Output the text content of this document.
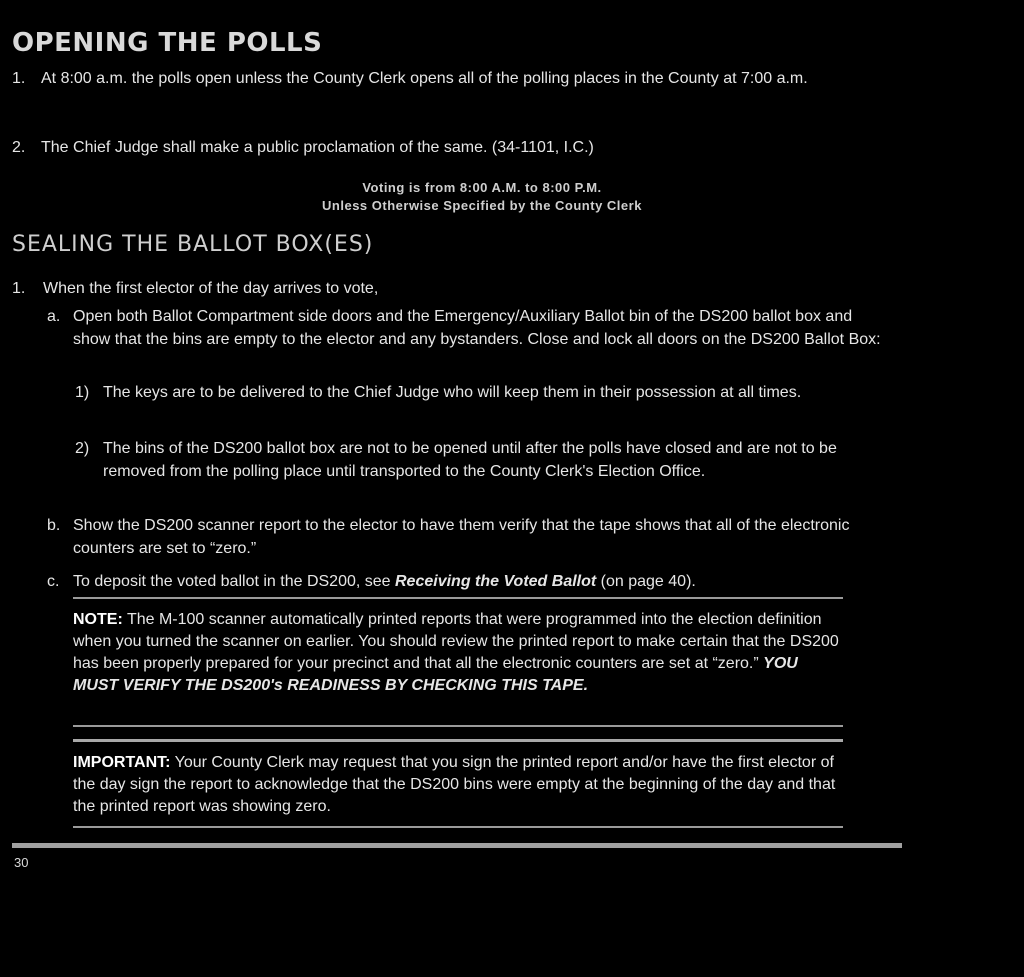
OPENING THE POLLS
1. At 8:00 a.m. the polls open unless the County Clerk opens all of the polling places in the County at 7:00 a.m.
2. The Chief Judge shall make a public proclamation of the same. (34-1101, I.C.)
Voting is from 8:00 A.M. to 8:00 P.M.
Unless Otherwise Specified by the County Clerk
SEALING THE BALLOT BOX(ES)
1.	When the first elector of the day arrives to vote,
a. Open both Ballot Compartment side doors and the Emergency/Auxiliary Ballot bin of the DS200 ballot box and show that the bins are empty to the elector and any bystanders. Close and lock all doors on the DS200 Ballot Box:
1) The keys are to be delivered to the Chief Judge who will keep them in their possession at all times.
2) The bins of the DS200 ballot box are not to be opened until after the polls have closed and are not to be removed from the polling place until transported to the County Clerk's Election Office.
b. Show the DS200 scanner report to the elector to have them verify that the tape shows that all of the electronic counters are set to “zero.”
c. To deposit the voted ballot in the DS200, see Receiving the Voted Ballot (on page 40).
NOTE: The M-100 scanner automatically printed reports that were programmed into the election definition when you turned the scanner on earlier. You should review the printed report to make certain that the DS200 has been properly prepared for your precinct and that all the electronic counters are set at “zero.” YOU MUST VERIFY THE DS200's READINESS BY CHECKING THIS TAPE.
IMPORTANT: Your County Clerk may request that you sign the printed report and/or have the first elector of the day sign the report to acknowledge that the DS200 bins were empty at the beginning of the day and that the printed report was showing zero.
30
